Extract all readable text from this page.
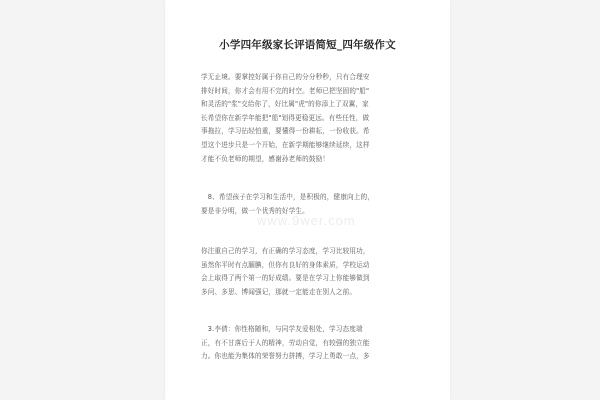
小学四年级家长评语简短_四年级作文
www.9wer.com
学无止境。要掌控好属于你自己的分分秒秒，只有合理安
排好时间，你才会有用不完的时空。老师已把坚固的"船"
和灵活的"浆"交给你了，好比属"虎"的你添上了双翼，家
长希望你在新学年能把"船"划得更稳更远。有些任性，做
事拖拉，学习拈轻怕重，要懂得一份耕耘，一份收获。希
望这个进步只是一个开始，在新学期能够继续延续，这样
才能不负老师的期望，感谢孙老师的鼓励！
　8、希望孩子在学习和生活中，是积极的，健康向上的，
要是非分明，做一个优秀的好学生。
你注重自己的学习，有正确的学习态度，学习比较用功，
虽然你平时有点腼腆，但你有良好的身体素质，学校运动
会上取得了两个第一的好成绩。要是在学习上你能够做到
多问、多思、博闻强记，那就一定能走在别人之前。
　3.李倩：你性格随和，与同学友爱相处，学习态度端
正，有不甘落后于人的精神，劳动自觉，有较强的独立能
力。你也能为集体的荣誉努力拼搏，学习上勇敢一点，多
